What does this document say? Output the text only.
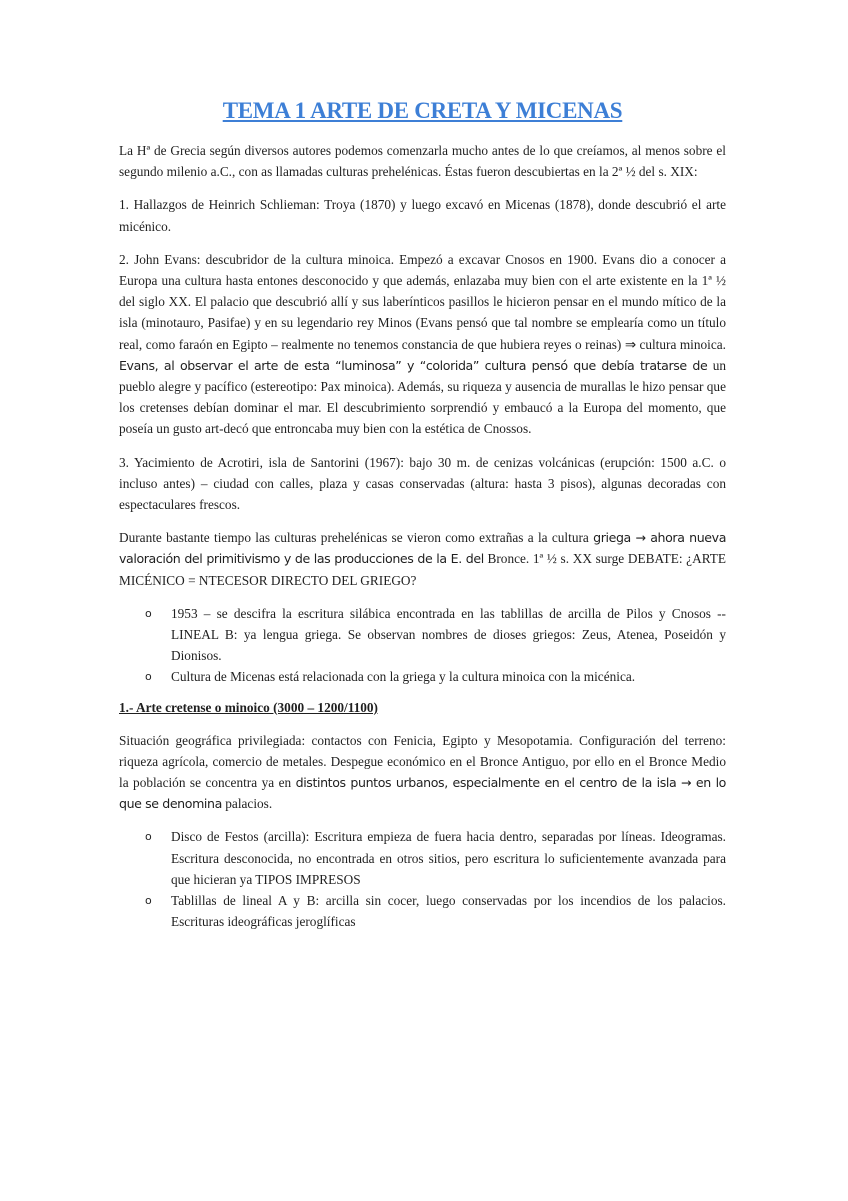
TEMA 1 ARTE DE CRETA Y MICENAS

La Hª de Grecia según diversos autores podemos comenzarla mucho antes de lo que creíamos, al menos sobre el segundo milenio a.C., con as llamadas culturas prehelénicas. Éstas fueron descubiertas en la 2ª ½ del s. XIX:

1. Hallazgos de Heinrich Schlieman: Troya (1870) y luego excavó en Micenas (1878), donde descubrió el arte micénico.

2. John Evans: descubridor de la cultura minoica. Empezó a excavar Cnosos en 1900. Evans dio a conocer a Europa una cultura hasta entones desconocido y que además, enlazaba muy bien con el arte existente en la 1ª ½ del siglo XX. El palacio que descubrió allí y sus laberínticos pasillos le hicieron pensar en el mundo mítico de la isla (minotauro, Pasifae) y en su legendario rey Minos (Evans pensó que tal nombre se emplearía como un título real, como faraón en Egipto – realmente no tenemos constancia de que hubiera reyes o reinas) ⇒ cultura minoica. Evans, al observar el arte de esta “luminosa” y “colorida” cultura pensó que debía tratarse de un pueblo alegre y pacífico (estereotipo: Pax minoica). Además, su riqueza y ausencia de murallas le hizo pensar que los cretenses debían dominar el mar. El descubrimiento sorprendió y embaucó a la Europa del momento, que poseía un gusto art-decó que entroncaba muy bien con la estética de Cnossos.

3. Yacimiento de Acrotiri, isla de Santorini (1967): bajo 30 m. de cenizas volcánicas (erupción: 1500 a.C. o incluso antes) – ciudad con calles, plaza y casas conservadas (altura: hasta 3 pisos), algunas decoradas con espectaculares frescos.

Durante bastante tiempo las culturas prehelénicas se vieron como extrañas a la cultura griega → ahora nueva valoración del primitivismo y de las producciones de la E. del Bronce. 1ª ½ s. XX surge DEBATE: ¿ARTE MICÉNICO = NTECESOR DIRECTO DEL GRIEGO?

o 1953 – se descifra la escritura silábica encontrada en las tablillas de arcilla de Pilos y Cnosos -- LINEAL B: ya lengua griega. Se observan nombres de dioses griegos: Zeus, Atenea, Poseidón y Dionisos.
o Cultura de Micenas está relacionada con la griega y la cultura minoica con la micénica.
1.- Arte cretense o minoico (3000 – 1200/1100)

Situación geográfica privilegiada: contactos con Fenicia, Egipto y Mesopotamia. Configuración del terreno: riqueza agrícola, comercio de metales. Despegue económico en el Bronce Antiguo, por ello en el Bronce Medio la población se concentra ya en distintos puntos urbanos, especialmente en el centro de la isla → en lo que se denomina palacios.

o Disco de Festos (arcilla): Escritura empieza de fuera hacia dentro, separadas por líneas. Ideogramas. Escritura desconocida, no encontrada en otros sitios, pero escritura lo suficientemente avanzada para que hicieran ya TIPOS IMPRESOS
o Tablillas de lineal A y B: arcilla sin cocer, luego conservadas por los incendios de los palacios. Escrituras ideográficas jeroglíficas
